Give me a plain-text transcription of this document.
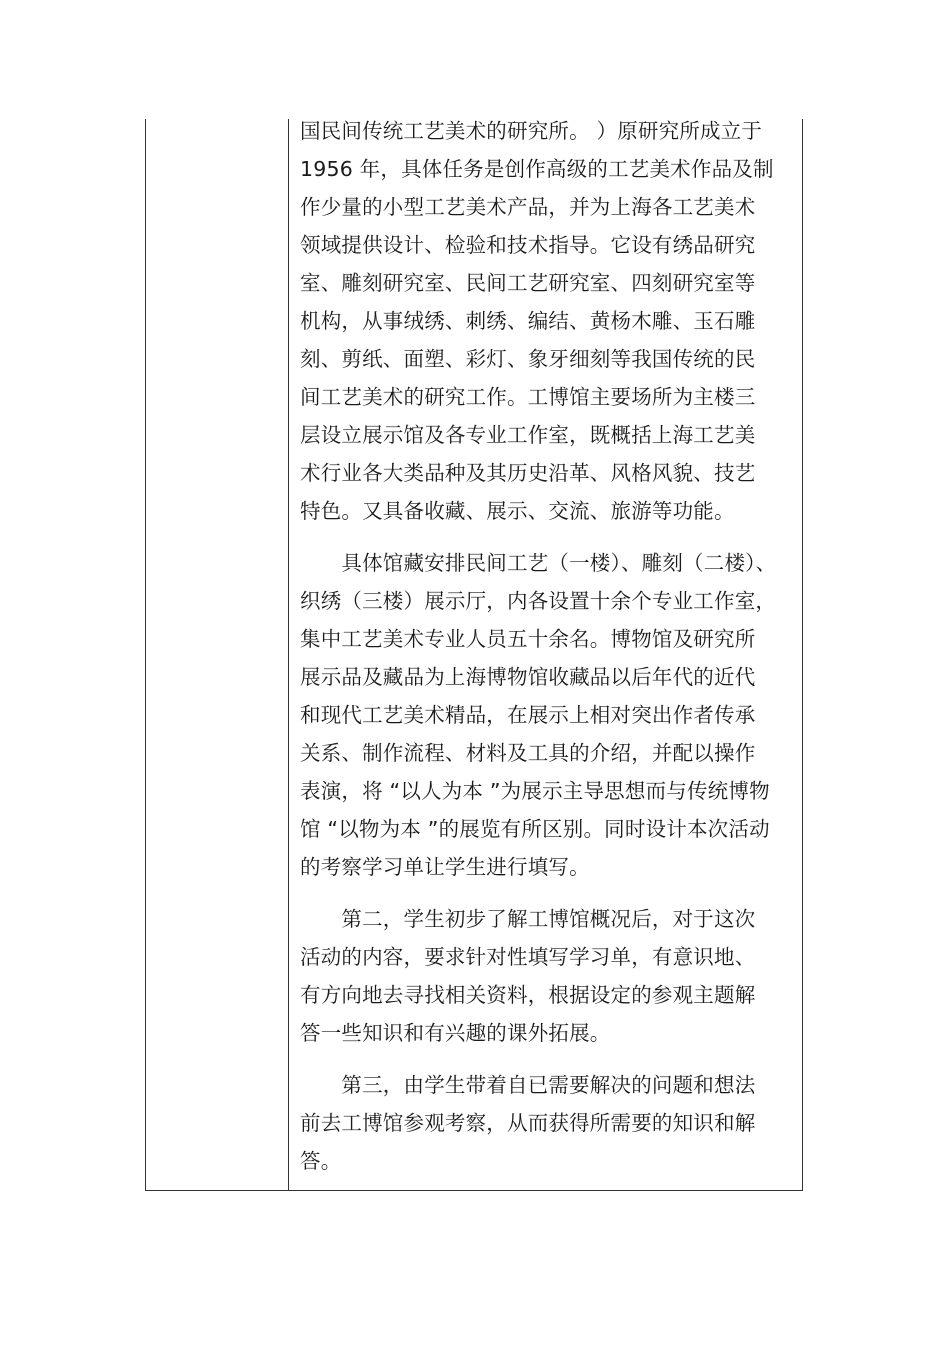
国民间传统工艺美术的研究所。 ）原研究所成立于
1956 年，具体任务是创作高级的工艺美术作品及制
作少量的小型工艺美术产品，并为上海各工艺美术
领域提供设计、检验和技术指导。它设有绣品研究
室、雕刻研究室、民间工艺研究室、四刻研究室等
机构，从事绒绣、刺绣、编结、黄杨木雕、玉石雕
刻、剪纸、面塑、彩灯、象牙细刻等我国传统的民
间工艺美术的研究工作。工博馆主要场所为主楼三
层设立展示馆及各专业工作室，既概括上海工艺美
术行业各大类品种及其历史沿革、风格风貌、技艺
特色。又具备收藏、展示、交流、旅游等功能。

　　具体馆藏安排民间工艺（一楼）、雕刻（二楼）、
织绣（三楼）展示厅，内各设置十余个专业工作室，
集中工艺美术专业人员五十余名。博物馆及研究所
展示品及藏品为上海博物馆收藏品以后年代的近代
和现代工艺美术精品，在展示上相对突出作者传承
关系、制作流程、材料及工具的介绍，并配以操作
表演，将 “以人为本 ”为展示主导思想而与传统博物
馆 “以物为本 ”的展览有所区别。同时设计本次活动
的考察学习单让学生进行填写。

　　第二，学生初步了解工博馆概况后，对于这次
活动的内容，要求针对性填写学习单，有意识地、
有方向地去寻找相关资料，根据设定的参观主题解
答一些知识和有兴趣的课外拓展。

　　第三，由学生带着自已需要解决的问题和想法
前去工博馆参观考察，从而获得所需要的知识和解
答。
